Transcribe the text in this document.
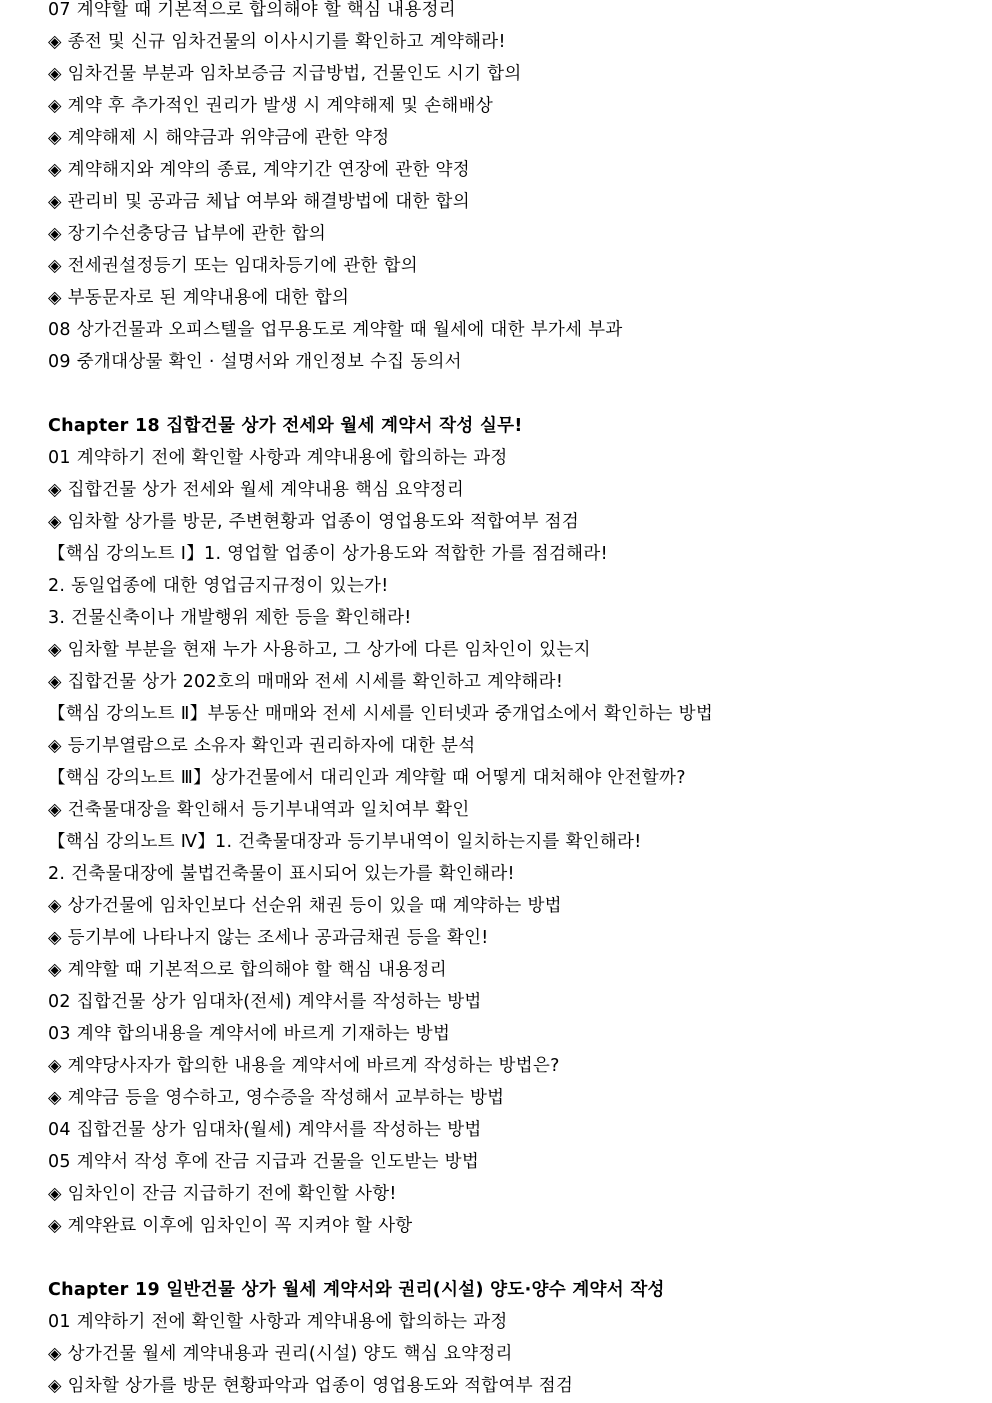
07 계약할 때 기본적으로 합의해야 할 핵심 내용정리
◈ 종전 및 신규 임차건물의 이사시기를 확인하고 계약해라!
◈ 임차건물 부분과 임차보증금 지급방법, 건물인도 시기 합의
◈ 계약 후 추가적인 권리가 발생 시 계약해제 및 손해배상
◈ 계약해제 시 해약금과 위약금에 관한 약정
◈ 계약해지와 계약의 종료, 계약기간 연장에 관한 약정
◈ 관리비 및 공과금 체납 여부와 해결방법에 대한 합의
◈ 장기수선충당금 납부에 관한 합의
◈ 전세권설정등기 또는 임대차등기에 관한 합의
◈ 부동문자로 된 계약내용에 대한 합의
08 상가건물과 오피스텔을 업무용도로 계약할 때 월세에 대한 부가세 부과
09 중개대상물 확인 · 설명서와 개인정보 수집 동의서
Chapter 18 집합건물 상가 전세와 월세 계약서 작성 실무!
01 계약하기 전에 확인할 사항과 계약내용에 합의하는 과정
◈ 집합건물 상가 전세와 월세 계약내용 핵심 요약정리
◈ 임차할 상가를 방문, 주변현황과 업종이 영업용도와 적합여부 점검
【핵심 강의노트 Ⅰ】1. 영업할 업종이 상가용도와 적합한 가를 점검해라!
2. 동일업종에 대한 영업금지규정이 있는가!
3. 건물신축이나 개발행위 제한 등을 확인해라!
◈ 임차할 부분을 현재 누가 사용하고, 그 상가에 다른 임차인이 있는지
◈ 집합건물 상가 202호의 매매와 전세 시세를 확인하고 계약해라!
【핵심 강의노트 Ⅱ】부동산 매매와 전세 시세를 인터넷과 중개업소에서 확인하는 방법
◈ 등기부열람으로 소유자 확인과 권리하자에 대한 분석
【핵심 강의노트 Ⅲ】상가건물에서 대리인과 계약할 때 어떻게 대처해야 안전할까?
◈ 건축물대장을 확인해서 등기부내역과 일치여부 확인
【핵심 강의노트 Ⅳ】1. 건축물대장과 등기부내역이 일치하는지를 확인해라!
2. 건축물대장에 불법건축물이 표시되어 있는가를 확인해라!
◈ 상가건물에 임차인보다 선순위 채권 등이 있을 때 계약하는 방법
◈ 등기부에 나타나지 않는 조세나 공과금채권 등을 확인!
◈ 계약할 때 기본적으로 합의해야 할 핵심 내용정리
02 집합건물 상가 임대차(전세) 계약서를 작성하는 방법
03 계약 합의내용을 계약서에 바르게 기재하는 방법
◈ 계약당사자가 합의한 내용을 계약서에 바르게 작성하는 방법은?
◈ 계약금 등을 영수하고, 영수증을 작성해서 교부하는 방법
04 집합건물 상가 임대차(월세) 계약서를 작성하는 방법
05 계약서 작성 후에 잔금 지급과 건물을 인도받는 방법
◈ 임차인이 잔금 지급하기 전에 확인할 사항!
◈ 계약완료 이후에 임차인이 꼭 지켜야 할 사항
Chapter 19 일반건물 상가 월세 계약서와 권리(시설) 양도·양수 계약서 작성
01 계약하기 전에 확인할 사항과 계약내용에 합의하는 과정
◈ 상가건물 월세 계약내용과 권리(시설) 양도 핵심 요약정리
◈ 임차할 상가를 방문 현황파악과 업종이 영업용도와 적합여부 점검
